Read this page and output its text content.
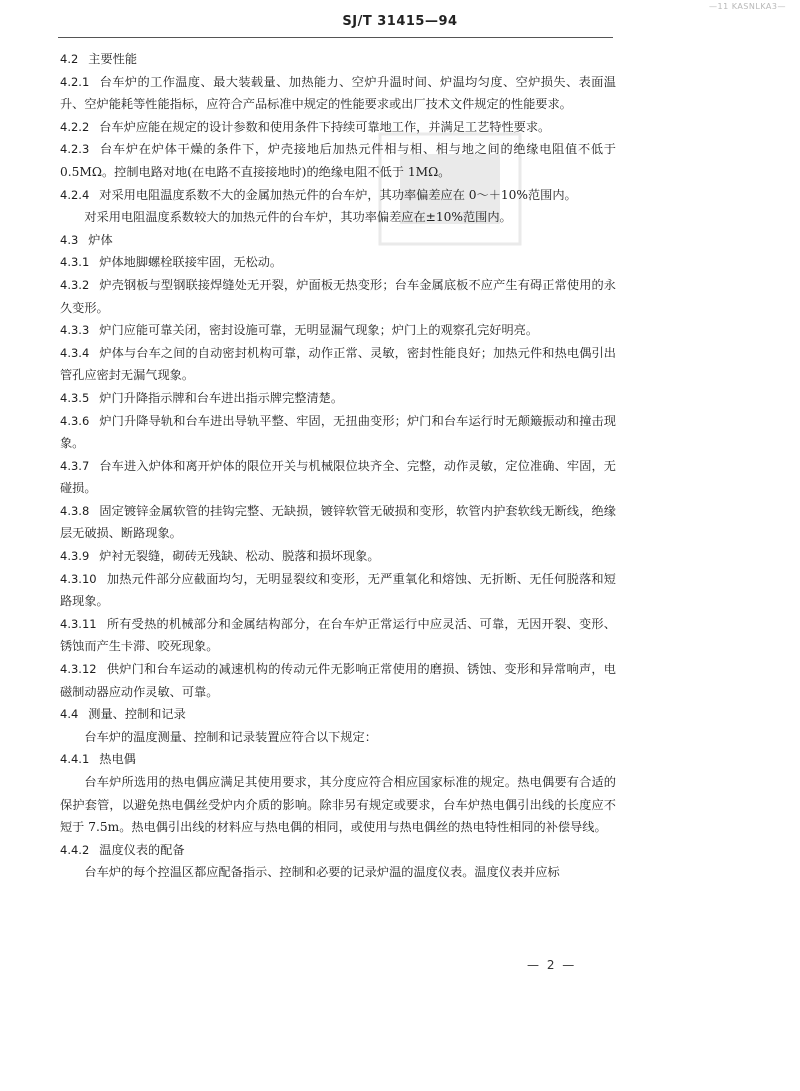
—11 KASNLKA3—
SJ/T 31415—94

4.2 主要性能

4.2.1 台车炉的工作温度、最大装载量、加热能力、空炉升温时间、炉温均匀度、空炉损失、表面温升、空炉能耗等性能指标，应符合产品标准中规定的性能要求或出厂技术文件规定的性能要求。

4.2.2 台车炉应能在规定的设计参数和使用条件下持续可靠地工作，并满足工艺特性要求。

4.2.3 台车炉在炉体干燥的条件下，炉壳接地后加热元件相与相、相与地之间的绝缘电阻值不低于 0.5MΩ。控制电路对地(在电路不直接接地时)的绝缘电阻不低于 1MΩ。

4.2.4 对采用电阻温度系数不大的金属加热元件的台车炉，其功率偏差应在 0～＋10%范围内。

对采用电阻温度系数较大的加热元件的台车炉，其功率偏差应在±10%范围内。

4.3 炉体

4.3.1 炉体地脚螺栓联接牢固，无松动。

4.3.2 炉壳钢板与型钢联接焊缝处无开裂，炉面板无热变形；台车金属底板不应产生有碍正常使用的永久变形。

4.3.3 炉门应能可靠关闭，密封设施可靠，无明显漏气现象；炉门上的观察孔完好明亮。

4.3.4 炉体与台车之间的自动密封机构可靠，动作正常、灵敏，密封性能良好；加热元件和热电偶引出管孔应密封无漏气现象。

4.3.5 炉门升降指示牌和台车进出指示牌完整清楚。

4.3.6 炉门升降导轨和台车进出导轨平整、牢固，无扭曲变形；炉门和台车运行时无颠簸振动和撞击现象。

4.3.7 台车进入炉体和离开炉体的限位开关与机械限位块齐全、完整，动作灵敏，定位准确、牢固，无碰损。

4.3.8 固定镀锌金属软管的挂钩完整、无缺损，镀锌软管无破损和变形，软管内护套软线无断线，绝缘层无破损、断路现象。

4.3.9 炉衬无裂缝，砌砖无残缺、松动、脱落和损坏现象。

4.3.10 加热元件部分应截面均匀，无明显裂纹和变形，无严重氧化和熔蚀、无折断、无任何脱落和短路现象。

4.3.11 所有受热的机械部分和金属结构部分，在台车炉正常运行中应灵活、可靠，无因开裂、变形、锈蚀而产生卡滞、咬死现象。

4.3.12 供炉门和台车运动的减速机构的传动元件无影响正常使用的磨损、锈蚀、变形和异常响声，电磁制动器应动作灵敏、可靠。

4.4 测量、控制和记录

台车炉的温度测量、控制和记录装置应符合以下规定：

4.4.1 热电偶

台车炉所选用的热电偶应满足其使用要求，其分度应符合相应国家标准的规定。热电偶要有合适的保护套管，以避免热电偶丝受炉内介质的影响。除非另有规定或要求，台车炉热电偶引出线的长度应不短于 7.5m。热电偶引出线的材料应与热电偶的相同，或使用与热电偶丝的热电特性相同的补偿导线。

4.4.2 温度仪表的配备

台车炉的每个控温区都应配备指示、控制和必要的记录炉温的温度仪表。温度仪表并应标

— 2 —
